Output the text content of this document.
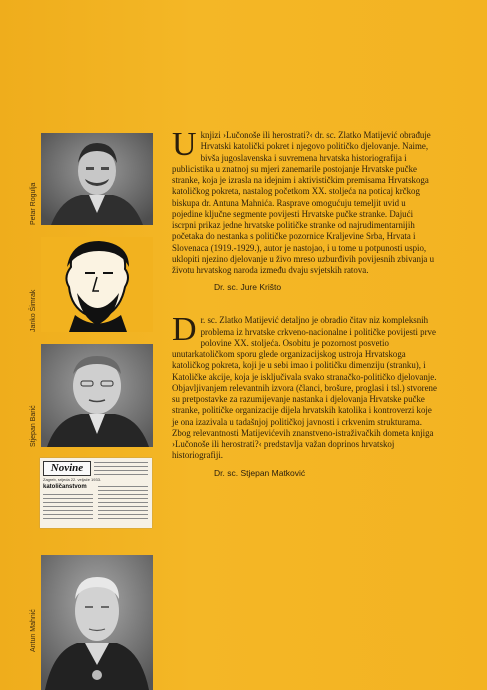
Petar Rogulja
Janko Šimrak
Stjepan Barić
Novine
Zagreb, srijeda 22. veljače 1933.
katoličanstvom
Antun Mahnić

Uknjizi ›Lučonoše ili herostrati?‹ dr. sc. Zlatko Matijević obrađuje Hrvatski katolički pokret i njegovo političko djelovanje. Naime, bivša jugoslavenska i suvremena hrvatska historiografija i publicistika u znatnoj su mjeri zanemarile postojanje Hrvatske pučke stranke, koja je izrasla na idejnim i aktivističkim premisama Hrvatskoga katoličkog pokreta, nastalog početkom XX. stoljeća na poticaj krčkog biskupa dr. Antuna Mahnića. Rasprave omogućuju temeljit uvid u pojedine ključne segmente povijesti Hrvatske pučke stranke. Dajući iscrpni prikaz jedne hrvatske političke stranke od najrudimentarnijih početaka do nestanka s političke pozornice Kraljevine Srba, Hrvata i Slovenaca (1919.-1929.), autor je nastojao, i u tome u potpunosti uspio, uklopiti njezino djelovanje u živo mreso uzburđivih povijesnih zbivanja u životu hrvatskog naroda između dvaju svjetskih ratova.

Dr. sc. Jure Krišto

Dr. sc. Zlatko Matijević detaljno je obradio čitav niz kompleksnih problema iz hrvatske crkveno-nacionalne i političke povijesti prve polovine XX. stoljeća. Osobitu je pozornost posvetio unutarkatoličkom sporu glede organizacijskog ustroja Hrvatskoga katoličkog pokreta, koji je u sebi imao i političku dimenziju (stranku), i Katoličke akcije, koja je isključivala svako stranačko-političko djelovanje. Objavljivanjem relevantnih izvora (članci, brošure, proglasi i tsl.) stvorene su pretpostavke za razumijevanje nastanka i djelovanja Hrvatske pučke stranke, političke organizacije dijela hrvatskih katolika i kontroverzi koje je ona izazivala u tadašnjoj političkoj javnosti i crkvenim strukturama. Zbog relevantnosti Matijevićevih znanstveno-istraživačkih dometa knjiga ›Lučonoše ili herostrati?‹ predstavlja važan doprinos hrvatskoj historiografiji.

Dr. sc. Stjepan Matković
